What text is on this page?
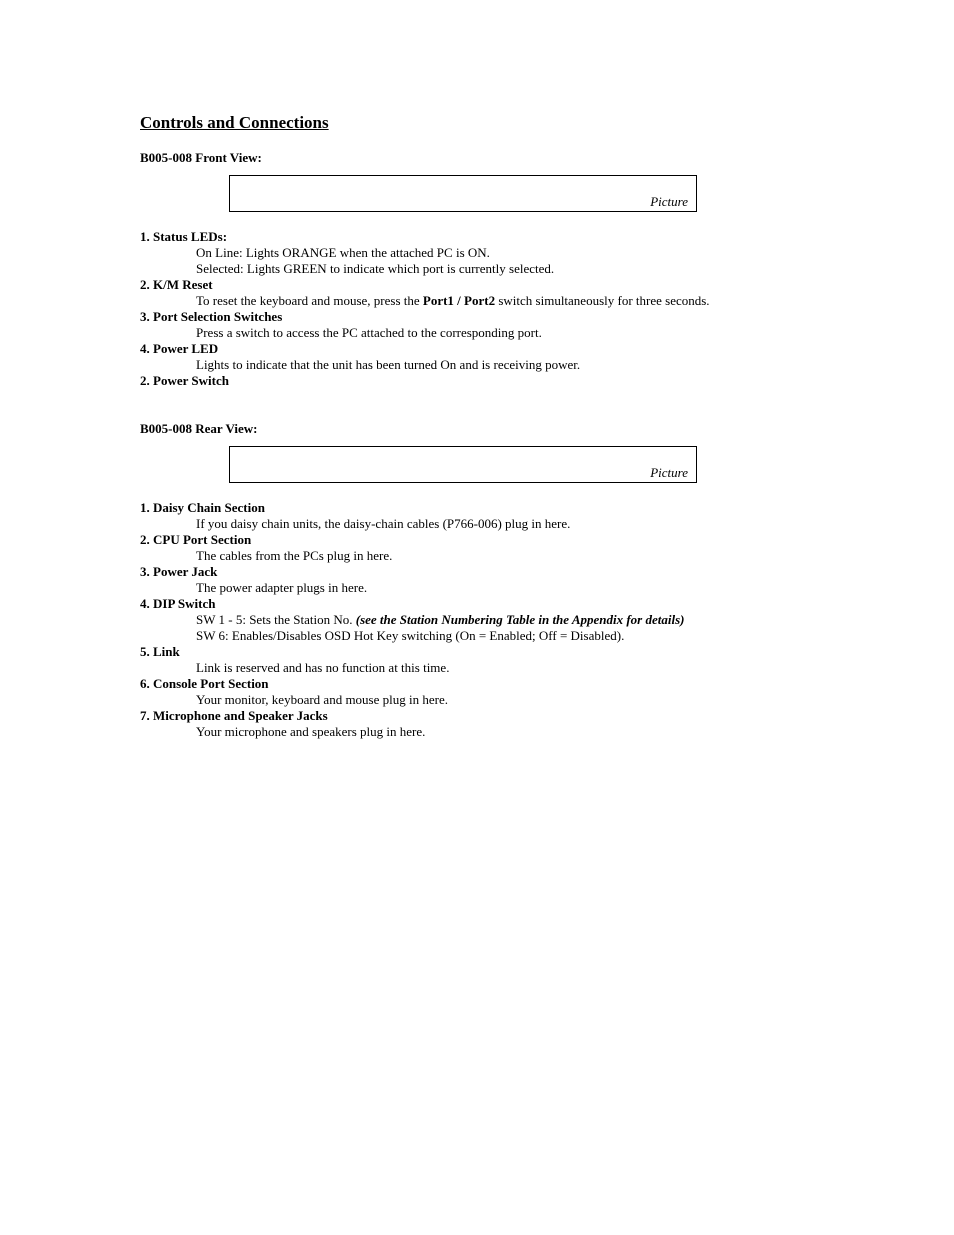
Controls and Connections

B005-008 Front View:

Picture

1. Status LEDs:

On Line: Lights ORANGE when the attached PC is ON.

Selected: Lights GREEN to indicate which port is currently selected.

2. K/M Reset

To reset the keyboard and mouse, press the Port1 / Port2 switch simultaneously for three seconds.

3. Port Selection Switches

Press a switch to access the PC attached to the corresponding port.

4. Power LED

Lights to indicate that the unit has been turned On and is receiving power.

2. Power Switch

B005-008 Rear View:

Picture

1. Daisy Chain Section

If you daisy chain units, the daisy-chain cables (P766-006) plug in here.

2. CPU Port Section

The cables from the PCs plug in here.

3. Power Jack

The power adapter plugs in here.

4. DIP Switch

SW 1 - 5: Sets the Station No. (see the Station Numbering Table in the Appendix for details)

SW 6: Enables/Disables OSD Hot Key switching (On = Enabled; Off = Disabled).

5. Link

Link is reserved and has no function at this time.

6. Console Port Section

Your monitor, keyboard and mouse plug in here.

7. Microphone and Speaker Jacks

Your microphone and speakers plug in here.
